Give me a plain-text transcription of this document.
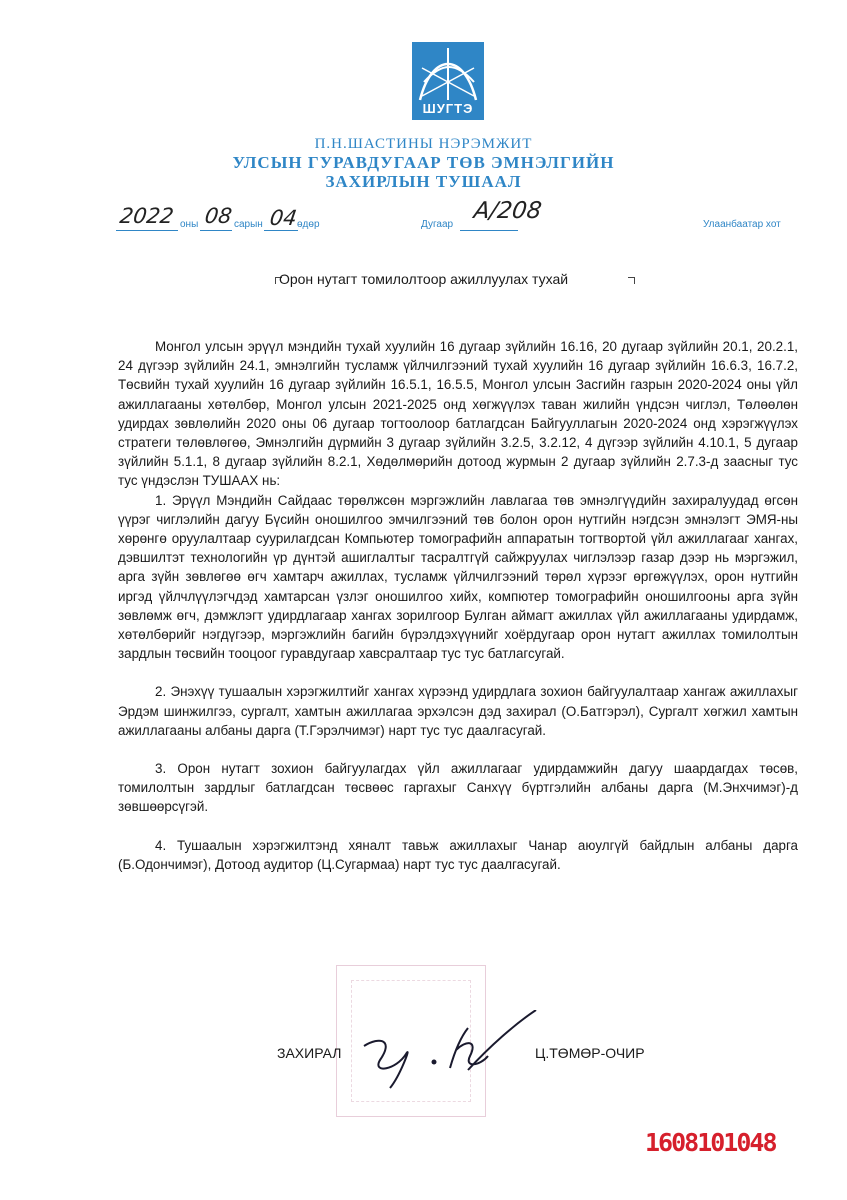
ШУГТЭ
П.Н.ШАСТИНЫ НЭРЭМЖИТ
УЛСЫН ГУРАВДУГААР ТӨВ ЭМНЭЛГИЙН
ЗАХИРЛЫН ТУШААЛ
2022 оны 08 сарын 04
өдөр	Дугаар
A/208
Улаанбаатар хот
Орон нутагт томилолтоор ажиллуулах тухай

Монгол улсын эрүүл мэндийн тухай хуулийн 16 дугаар зүйлийн 16.16, 20 дугаар зүйлийн 20.1, 20.2.1, 24 дүгээр зүйлийн 24.1, эмнэлгийн тусламж үйлчилгээний тухай хуулийн 16 дугаар зүйлийн 16.6.3, 16.7.2, Төсвийн тухай хуулийн 16 дугаар зүйлийн 16.5.1, 16.5.5, Монгол улсын Засгийн газрын 2020-2024 оны үйл ажиллагааны хөтөлбөр, Монгол улсын 2021-2025 онд хөгжүүлэх таван жилийн үндсэн чиглэл, Төлөөлөн удирдах зөвлөлийн 2020 оны 06 дугаар тогтоолоор батлагдсан Байгууллагын 2020-2024 онд хэрэгжүүлэх стратеги төлөвлөгөө, Эмнэлгийн дүрмийн 3 дугаар зүйлийн 3.2.5, 3.2.12, 4 дүгээр зүйлийн 4.10.1, 5 дугаар зүйлийн 5.1.1, 8 дугаар зүйлийн 8.2.1, Хөдөлмөрийн дотоод журмын 2 дугаар зүйлийн 2.7.3-д заасныг тус тус үндэслэн ТУШААХ нь:

1. Эрүүл Мэндийн Сайдаас төрөлжсөн мэргэжлийн лавлагаа төв эмнэлгүүдийн захиралуудад өгсөн үүрэг чиглэлийн дагуу Бүсийн оношилгоо эмчилгээний төв болон орон нутгийн нэгдсэн эмнэлэгт ЭМЯ-ны хөрөнгө оруулалтаар суурилагдсан Компьютер томографийн аппаратын тогтвортой үйл ажиллагааг хангах, дэвшилтэт технологийн үр дүнтэй ашиглалтыг тасралтгүй сайжруулах чиглэлээр газар дээр нь мэргэжил, арга зүйн зөвлөгөө өгч хамтарч ажиллах, тусламж үйлчилгээний төрөл хүрээг өргөжүүлэх, орон нутгийн иргэд үйлчлүүлэгчдэд хамтарсан үзлэг оношилгоо хийх, компютер томографийн оношилгооны арга зүйн зөвлөмж өгч, дэмжлэгт удирдлагаар хангах зорилгоор Булган аймагт ажиллах үйл ажиллагааны удирдамж, хөтөлбөрийг нэгдүгээр, мэргэжлийн багийн бүрэлдэхүүнийг хоёрдугаар орон нутагт ажиллах томилолтын зардлын төсвийн тооцоог гуравдугаар хавсралтаар тус тус батлагсугай.

2. Энэхүү тушаалын хэрэгжилтийг хангах хүрээнд удирдлага зохион байгуулалтаар хангаж ажиллахыг Эрдэм шинжилгээ, сургалт, хамтын ажиллагаа эрхэлсэн дэд захирал (О.Батгэрэл), Сургалт хөгжил хамтын ажиллагааны албаны дарга (Т.Гэрэлчимэг) нарт тус тус даалгасугай.

3. Орон нутагт зохион байгуулагдах үйл ажиллагааг удирдамжийн дагуу шаардагдах төсөв, томилолтын зардлыг батлагдсан төсвөөс гаргахыг Санхүү бүртгэлийн албаны дарга (М.Энхчимэг)-д зөвшөөрсүгэй.

4. Тушаалын хэрэгжилтэнд хяналт тавьж ажиллахыг Чанар аюулгүй байдлын албаны дарга (Б.Одончимэг), Дотоод аудитор (Ц.Сугармаа) нарт тус тус даалгасугай.

ЗАХИРАЛ	Ц.ТӨМӨР-ОЧИР
1608101048
